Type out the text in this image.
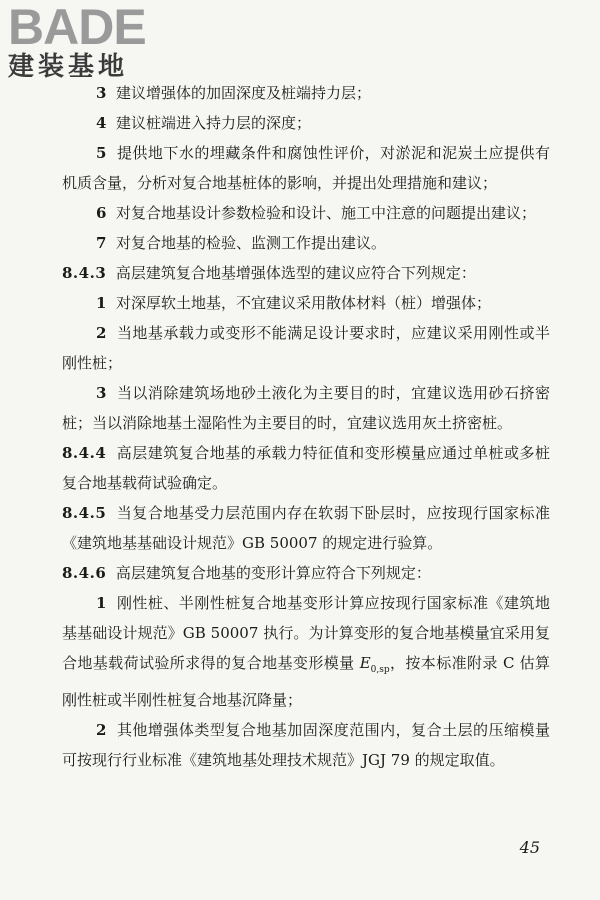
BADE
建装基地

3 建议增强体的加固深度及桩端持力层；

4 建议桩端进入持力层的深度；

5 提供地下水的埋藏条件和腐蚀性评价，对淤泥和泥炭土应提供有机质含量，分析对复合地基桩体的影响，并提出处理措施和建议；

6 对复合地基设计参数检验和设计、施工中注意的问题提出建议；

7 对复合地基的检验、监测工作提出建议。

8.4.3 高层建筑复合地基增强体选型的建议应符合下列规定：

1 对深厚软土地基，不宜建议采用散体材料（桩）增强体；

2 当地基承载力或变形不能满足设计要求时，应建议采用刚性或半刚性桩；

3 当以消除建筑场地砂土液化为主要目的时，宜建议选用砂石挤密桩；当以消除地基土湿陷性为主要目的时，宜建议选用灰土挤密桩。

8.4.4 高层建筑复合地基的承载力特征值和变形模量应通过单桩或多桩复合地基载荷试验确定。

8.4.5 当复合地基受力层范围内存在软弱下卧层时，应按现行国家标准《建筑地基基础设计规范》GB 50007 的规定进行验算。

8.4.6 高层建筑复合地基的变形计算应符合下列规定：

1 刚性桩、半刚性桩复合地基变形计算应按现行国家标准《建筑地基基础设计规范》GB 50007 执行。为计算变形的复合地基模量宜采用复合地基载荷试验所求得的复合地基变形模量 $E_{0,sp}$，按本标准附录 C 估算刚性桩或半刚性桩复合地基沉降量；

2 其他增强体类型复合地基加固深度范围内，复合土层的压缩模量可按现行行业标准《建筑地基处理技术规范》JGJ 79 的规定取值。

45
